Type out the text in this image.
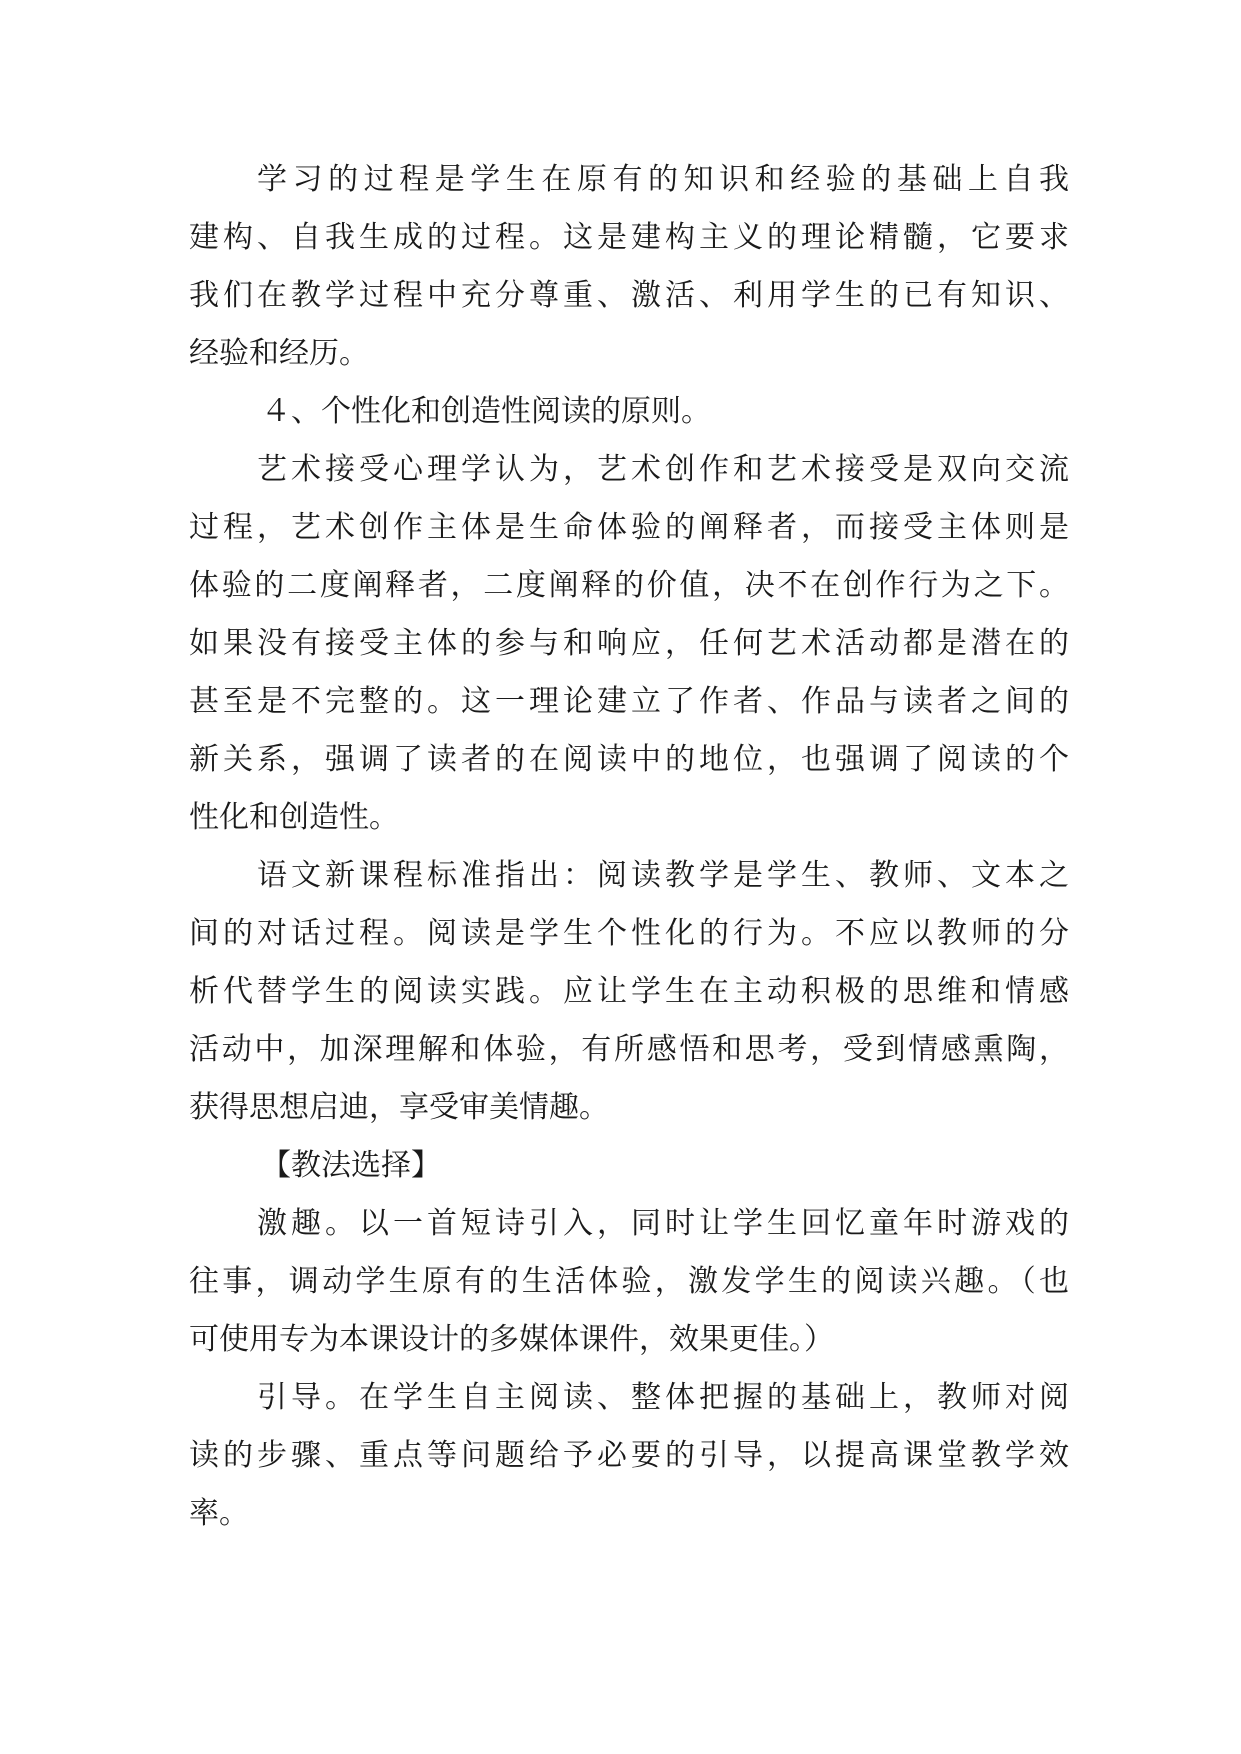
学习的过程是学生在原有的知识和经验的基础上自我
建构、自我生成的过程。这是建构主义的理论精髓，它要求
我们在教学过程中充分尊重、激活、利用学生的已有知识、
经验和经历。
４、个性化和创造性阅读的原则。
艺术接受心理学认为，艺术创作和艺术接受是双向交流
过程，艺术创作主体是生命体验的阐释者，而接受主体则是
体验的二度阐释者，二度阐释的价值，决不在创作行为之下。
如果没有接受主体的参与和响应，任何艺术活动都是潜在的
甚至是不完整的。这一理论建立了作者、作品与读者之间的
新关系，强调了读者的在阅读中的地位，也强调了阅读的个
性化和创造性。
语文新课程标准指出：阅读教学是学生、教师、文本之
间的对话过程。阅读是学生个性化的行为。不应以教师的分
析代替学生的阅读实践。应让学生在主动积极的思维和情感
活动中，加深理解和体验，有所感悟和思考，受到情感熏陶，
获得思想启迪，享受审美情趣。
【教法选择】
激趣。以一首短诗引入，同时让学生回忆童年时游戏的
往事，调动学生原有的生活体验，激发学生的阅读兴趣。（也
可使用专为本课设计的多媒体课件，效果更佳。）
引导。在学生自主阅读、整体把握的基础上，教师对阅
读的步骤、重点等问题给予必要的引导，以提高课堂教学效
率。
